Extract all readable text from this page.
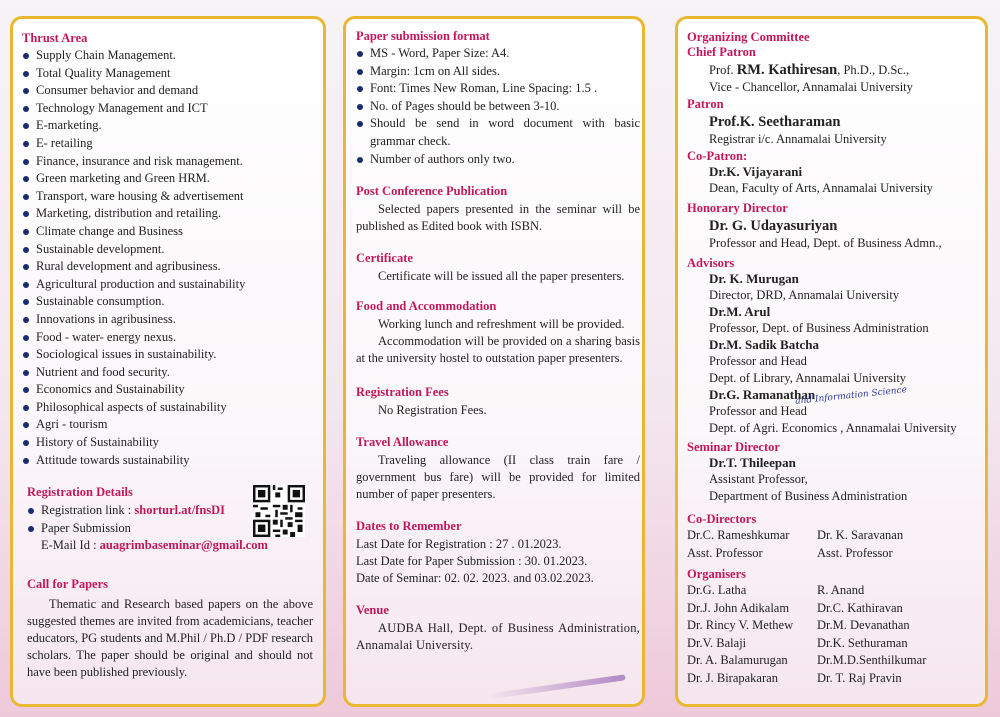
Thrust Area

Supply Chain Management.
Total Quality Management
Consumer behavior and demand
Technology Management and ICT
E-marketing.
E- retailing
Finance, insurance and risk management.
Green marketing and Green HRM.
Transport, ware housing & advertisement
Marketing, distribution and retailing.
Climate change and Business
Sustainable development.
Rural development and agribusiness.
Agricultural production and sustainability
Sustainable consumption.
Innovations in agribusiness.
Food - water- energy nexus.
Sociological issues in sustainability.
Nutrient and food security.
Economics and Sustainability
Philosophical aspects of sustainability
Agri - tourism
History of Sustainability
Attitude towards sustainability

Registration Details

Registration link : shorturl.at/fnsDI
Paper Submission

E-Mail Id : auagrimbaseminar@gmail.com

Call for Papers

Thematic and Research based papers on the above suggested themes are invited from academicians, teacher educators, PG students and M.Phil / Ph.D / PDF research scholars. The paper should be original and should not have been published previously.

Paper submission format

MS - Word, Paper Size: A4.
Margin: 1cm on All sides.
Font: Times New Roman, Line Spacing: 1.5 .
No. of Pages should be between 3-10.
Should be send in word document with basic grammar check.
Number of authors only two.

Post Conference Publication

Selected papers presented in the seminar will be published as Edited book with ISBN.

Certificate

Certificate will be issued all the paper presenters.

Food and Accommodation

Working lunch and refreshment will be provided.

Accommodation will be provided on a sharing basis at the university hostel to outstation paper presenters.

Registration Fees

No Registration Fees.

Travel Allowance

Traveling allowance (II class train fare / government bus fare) will be provided for limited number of paper presenters.

Dates to Remember

Last Date for Registration : 27 . 01.2023.

Last Date for Paper Submission : 30. 01.2023.

Date of Seminar: 02. 02. 2023. and 03.02.2023.

Venue

AUDBA Hall, Dept. of Business Administration, Annamalai University.

Organizing Committee

Chief Patron

Prof. RM. Kathiresan, Ph.D., D.Sc.,

Vice - Chancellor, Annamalai University

Patron

Prof.K. Seetharaman

Registrar i/c. Annamalai University

Co-Patron:

Dr.K. Vijayarani

Dean, Faculty of Arts, Annamalai University

Honorary Director

Dr. G. Udayasuriyan

Professor and Head, Dept. of Business Admn.,

Advisors

Dr. K. Murugan

Director, DRD, Annamalai University

Dr.M. Arul

Professor, Dept. of Business Administration

Dr.M. Sadik Batcha

Professor and Head

Dept. of Library, Annamalai University

and Information Science

Dr.G. Ramanathan

Professor and Head

Dept. of Agri. Economics , Annamalai University

Seminar Director

Dr.T. Thileepan

Assistant Professor,

Department of Business Administration

Co-Directors

Dr.C. Rameshkumar	Dr. K. Saravanan
Asst. Professor	Asst. Professor

Organisers

Dr.G. Latha	R. Anand
Dr.J. John Adikalam	Dr.C. Kathiravan
Dr. Rincy V. Methew	Dr.M. Devanathan
Dr.V. Balaji	Dr.K. Sethuraman
Dr. A. Balamurugan	Dr.M.D.Senthilkumar
Dr. J. Birapakaran	Dr. T. Raj Pravin
